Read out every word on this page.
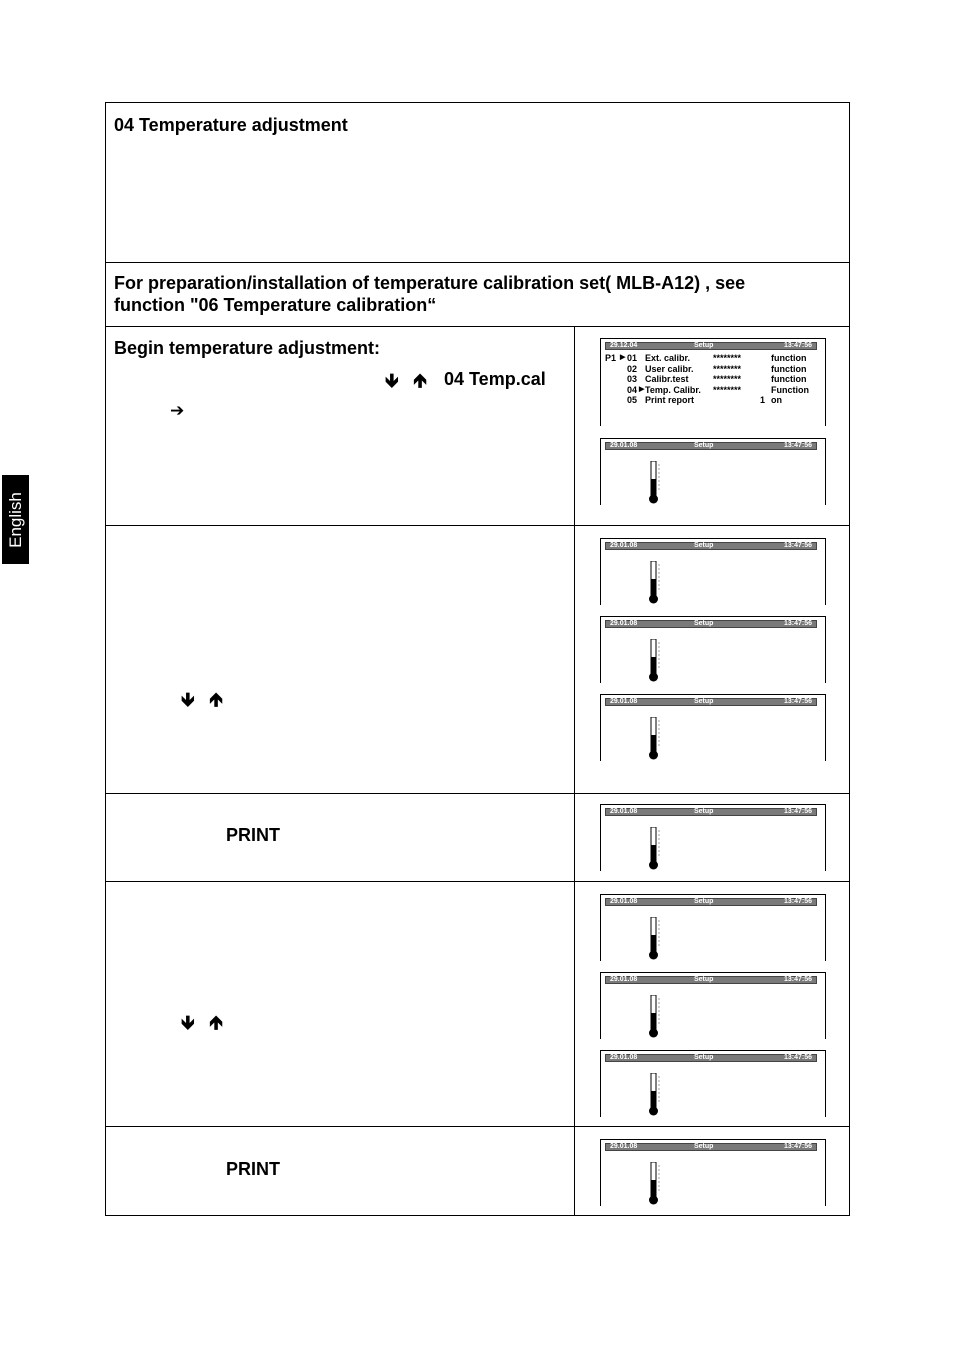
English
04 Temperature adjustment
For preparation/installation of temperature calibration set( MLB-A12) , see function "06 Temperature calibration“
Begin temperature adjustment:
🡻 🡹 04 Temp.cal
➔
29.12.04	Setup	13:47:56
P1 ▶ 01 Ext. calibr.	********	function
02 User calibr. ********	function
03 Calibr.test	********	function
04 ▶ Temp. Calibr. ********	Function
05 Print report	1 on
29.01.08	Setup	13:47:56
🡻 🡹
29.01.08	Setup	13:47:56
29.01.08	Setup	13:47:56
29.01.08	Setup	13:47:56
PRINT
29.01.08	Setup	13:47:56
🡻 🡹
29.01.08	Setup	13:47:56
29.01.08	Setup	13:47:56
29.01.08	Setup	13:47:56
PRINT
29.01.08	Setup	13:47:56
